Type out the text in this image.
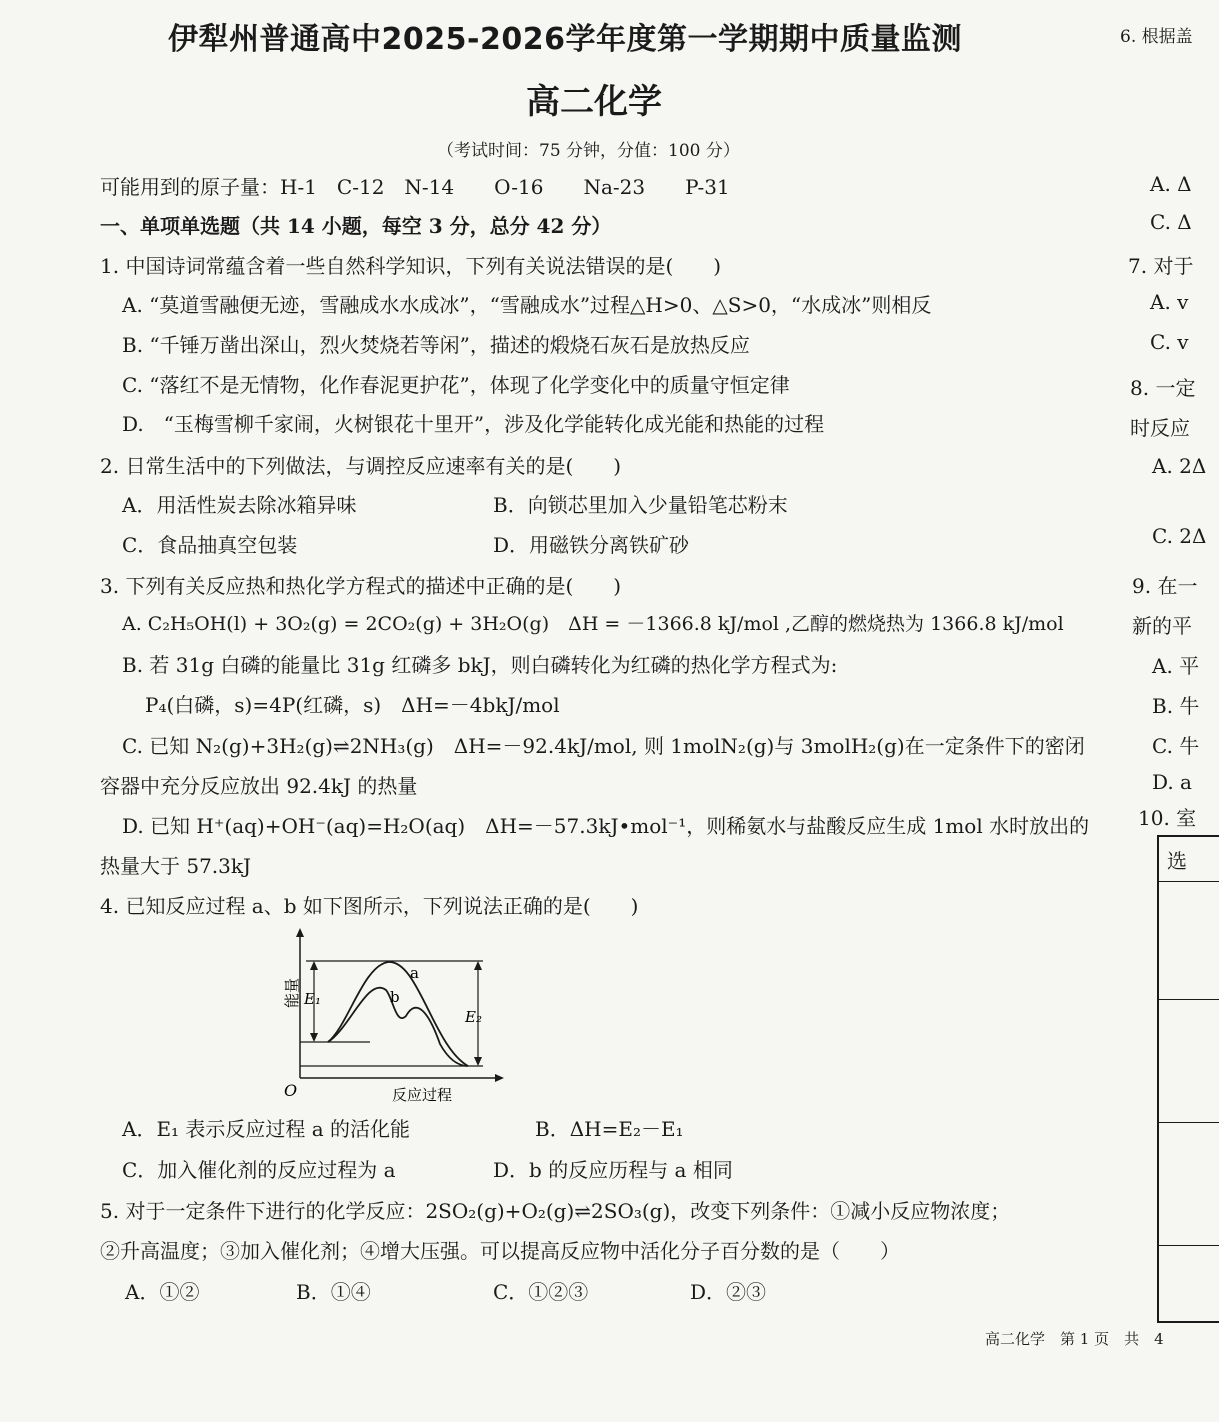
伊犁州普通高中2025-2026学年度第一学期期中质量监测
高二化学
（考试时间：75 分钟，分值：100 分）
可能用到的原子量：H-1　C-12　N-14　　O-16　　Na-23　　P-31
一、单项单选题（共 14 小题，每空 3 分，总分 42 分）
1. 中国诗词常蕴含着一些自然科学知识，下列有关说法错误的是(　　)
A. “莫道雪融便无迹，雪融成水水成冰”，“雪融成水”过程△H>0、△S>0，“水成冰”则相反
B. “千锤万凿出深山，烈火焚烧若等闲”，描述的煅烧石灰石是放热反应
C. “落红不是无情物，化作春泥更护花”，体现了化学变化中的质量守恒定律
D.　“玉梅雪柳千家闹，火树银花十里开”，涉及化学能转化成光能和热能的过程
2. 日常生活中的下列做法，与调控反应速率有关的是(　　)
A．用活性炭去除冰箱异味	B．向锁芯里加入少量铅笔芯粉末
C．食品抽真空包装	D．用磁铁分离铁矿砂
3. 下列有关反应热和热化学方程式的描述中正确的是(　　)
A. C₂H₅OH(l) + 3O₂(g) = 2CO₂(g) + 3H₂O(g)　ΔH = －1366.8 kJ/mol ,乙醇的燃烧热为 1366.8 kJ/mol
B. 若 31g 白磷的能量比 31g 红磷多 bkJ，则白磷转化为红磷的热化学方程式为:
P₄(白磷，s)=4P(红磷，s)　ΔH=－4bkJ/mol
C. 已知 N₂(g)+3H₂(g)⇌2NH₃(g)　ΔH=－92.4kJ/mol, 则 1molN₂(g)与 3molH₂(g)在一定条件下的密闭
容器中充分反应放出 92.4kJ 的热量
D. 已知 H⁺(aq)+OH⁻(aq)=H₂O(aq)　ΔH=－57.3kJ•mol⁻¹，则稀氨水与盐酸反应生成 1mol 水时放出的
热量大于 57.3kJ
4. 已知反应过程 a、b 如下图所示，下列说法正确的是(　　)
能量 E₁
E₂
a
b
O	反应过程
A．E₁ 表示反应过程 a 的活化能	B．ΔH=E₂－E₁
C．加入催化剂的反应过程为 a	D．b 的反应历程与 a 相同
5. 对于一定条件下进行的化学反应：2SO₂(g)+O₂(g)⇌2SO₃(g)，改变下列条件：①减小反应物浓度；
②升高温度；③加入催化剂；④增大压强。可以提高反应物中活化分子百分数的是（　　）
A．①②	B．①④	C．①②③	D．②③
6. 根据盖
A. Δ
C. Δ
7. 对于
A. v
C. v
8. 一定
时反应
A. 2Δ
C. 2Δ
9. 在一
新的平
A. 平
B. 牛
C. 牛
D. a
10. 室
选
高二化学　第 1 页　共　4
